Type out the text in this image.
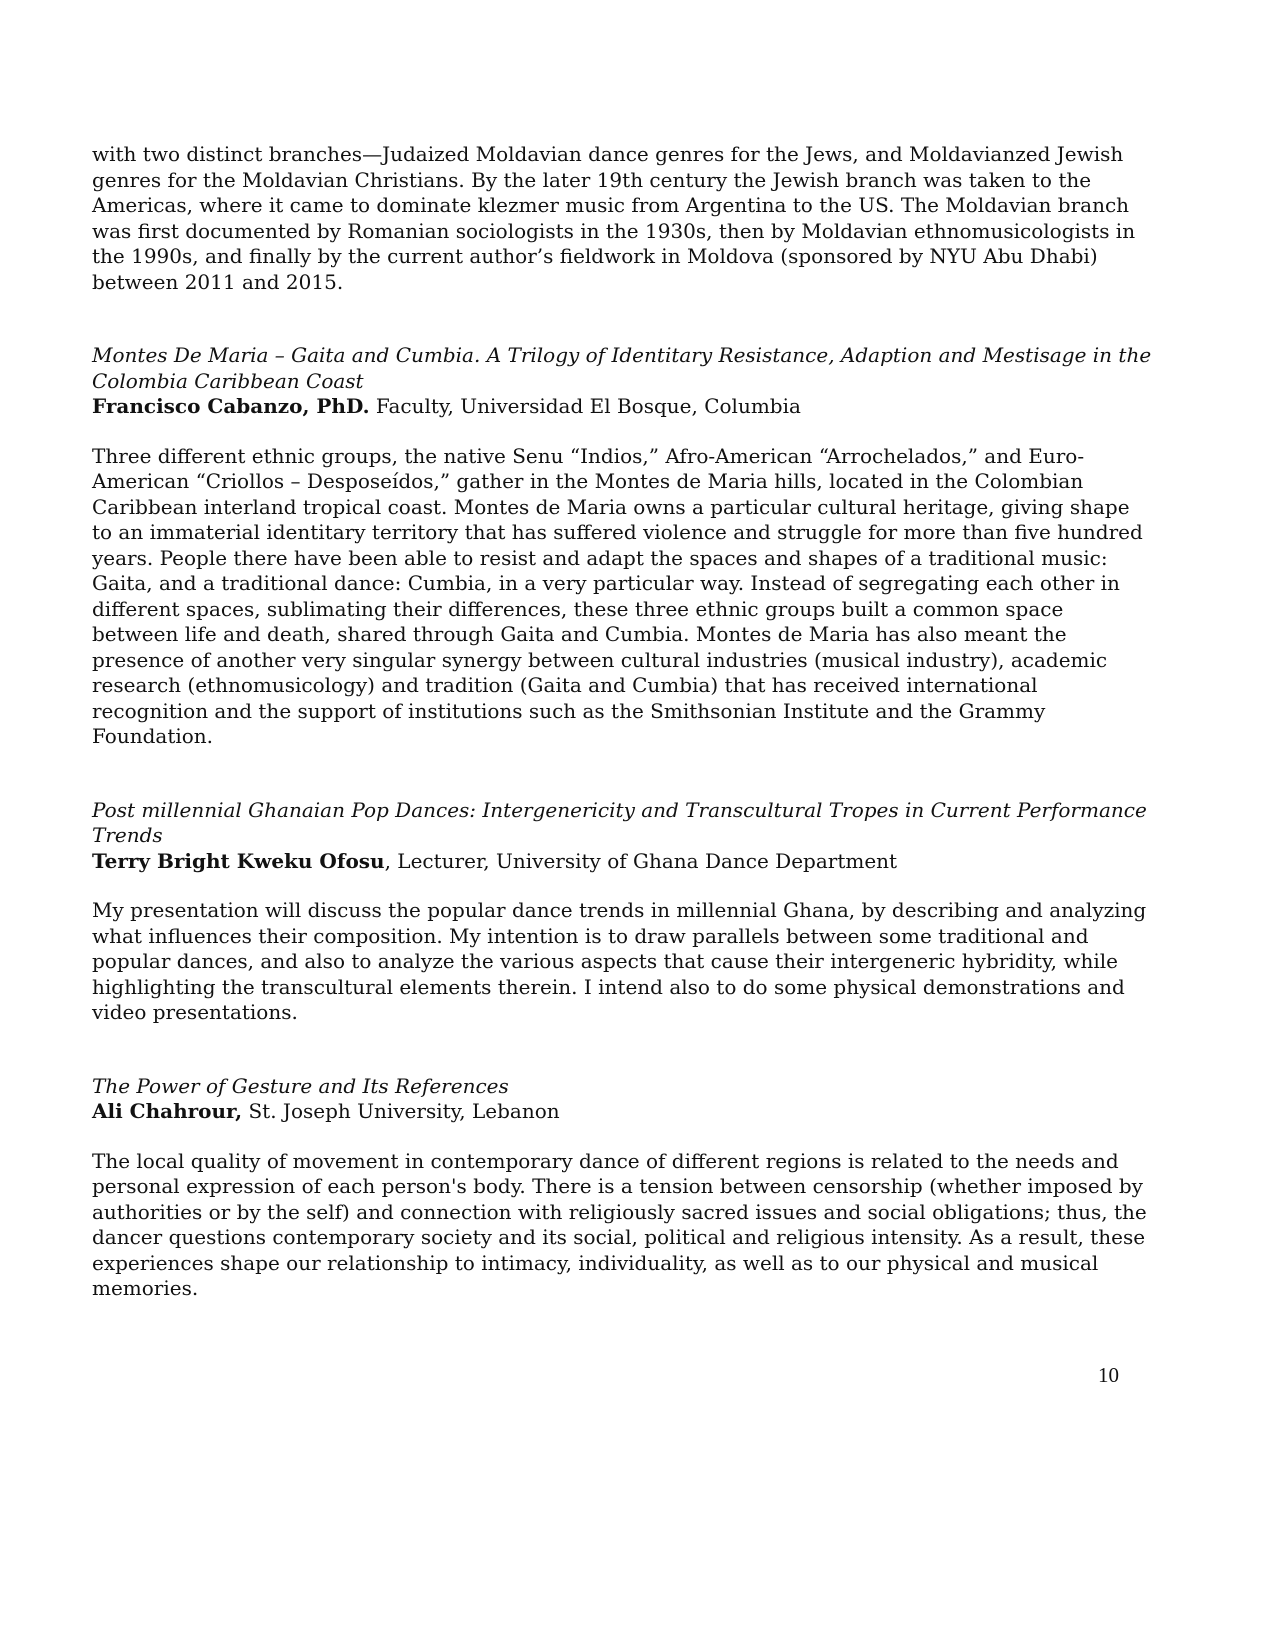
with two distinct branches—Judaized Moldavian dance genres for the Jews, and Moldavianzed Jewish genres for the Moldavian Christians. By the later 19th century the Jewish branch was taken to the Americas, where it came to dominate klezmer music from Argentina to the US. The Moldavian branch was first documented by Romanian sociologists in the 1930s, then by Moldavian ethnomusicologists in the 1990s, and finally by the current author’s fieldwork in Moldova (sponsored by NYU Abu Dhabi) between 2011 and 2015.

Montes De Maria – Gaita and Cumbia. A Trilogy of Identitary Resistance, Adaption and Mestisage in the Colombia Caribbean Coast

Francisco Cabanzo, PhD. Faculty, Universidad El Bosque, Columbia

Three different ethnic groups, the native Senu “Indios,” Afro-American “Arrochelados,” and Euro-American “Criollos – Desposeídos,” gather in the Montes de Maria hills, located in the Colombian Caribbean interland tropical coast. Montes de Maria owns a particular cultural heritage, giving shape to an immaterial identitary territory that has suffered violence and struggle for more than five hundred years. People there have been able to resist and adapt the spaces and shapes of a traditional music: Gaita, and a traditional dance: Cumbia, in a very particular way. Instead of segregating each other in different spaces, sublimating their differences, these three ethnic groups built a common space between life and death, shared through Gaita and Cumbia. Montes de Maria has also meant the presence of another very singular synergy between cultural industries (musical industry), academic research (ethnomusicology) and tradition (Gaita and Cumbia) that has received international recognition and the support of institutions such as the Smithsonian Institute and the Grammy Foundation.

Post millennial Ghanaian Pop Dances: Intergenericity and Transcultural Tropes in Current Performance Trends

Terry Bright Kweku Ofosu, Lecturer, University of Ghana Dance Department

My presentation will discuss the popular dance trends in millennial Ghana, by describing and analyzing what influences their composition. My intention is to draw parallels between some traditional and popular dances, and also to analyze the various aspects that cause their intergeneric hybridity, while highlighting the transcultural elements therein. I intend also to do some physical demonstrations and video presentations.

The Power of Gesture and Its References

Ali Chahrour, St. Joseph University, Lebanon

The local quality of movement in contemporary dance of different regions is related to the needs and personal expression of each person's body. There is a tension between censorship (whether imposed by authorities or by the self) and connection with religiously sacred issues and social obligations; thus, the dancer questions contemporary society and its social, political and religious intensity. As a result, these experiences shape our relationship to intimacy, individuality, as well as to our physical and musical memories.

10
